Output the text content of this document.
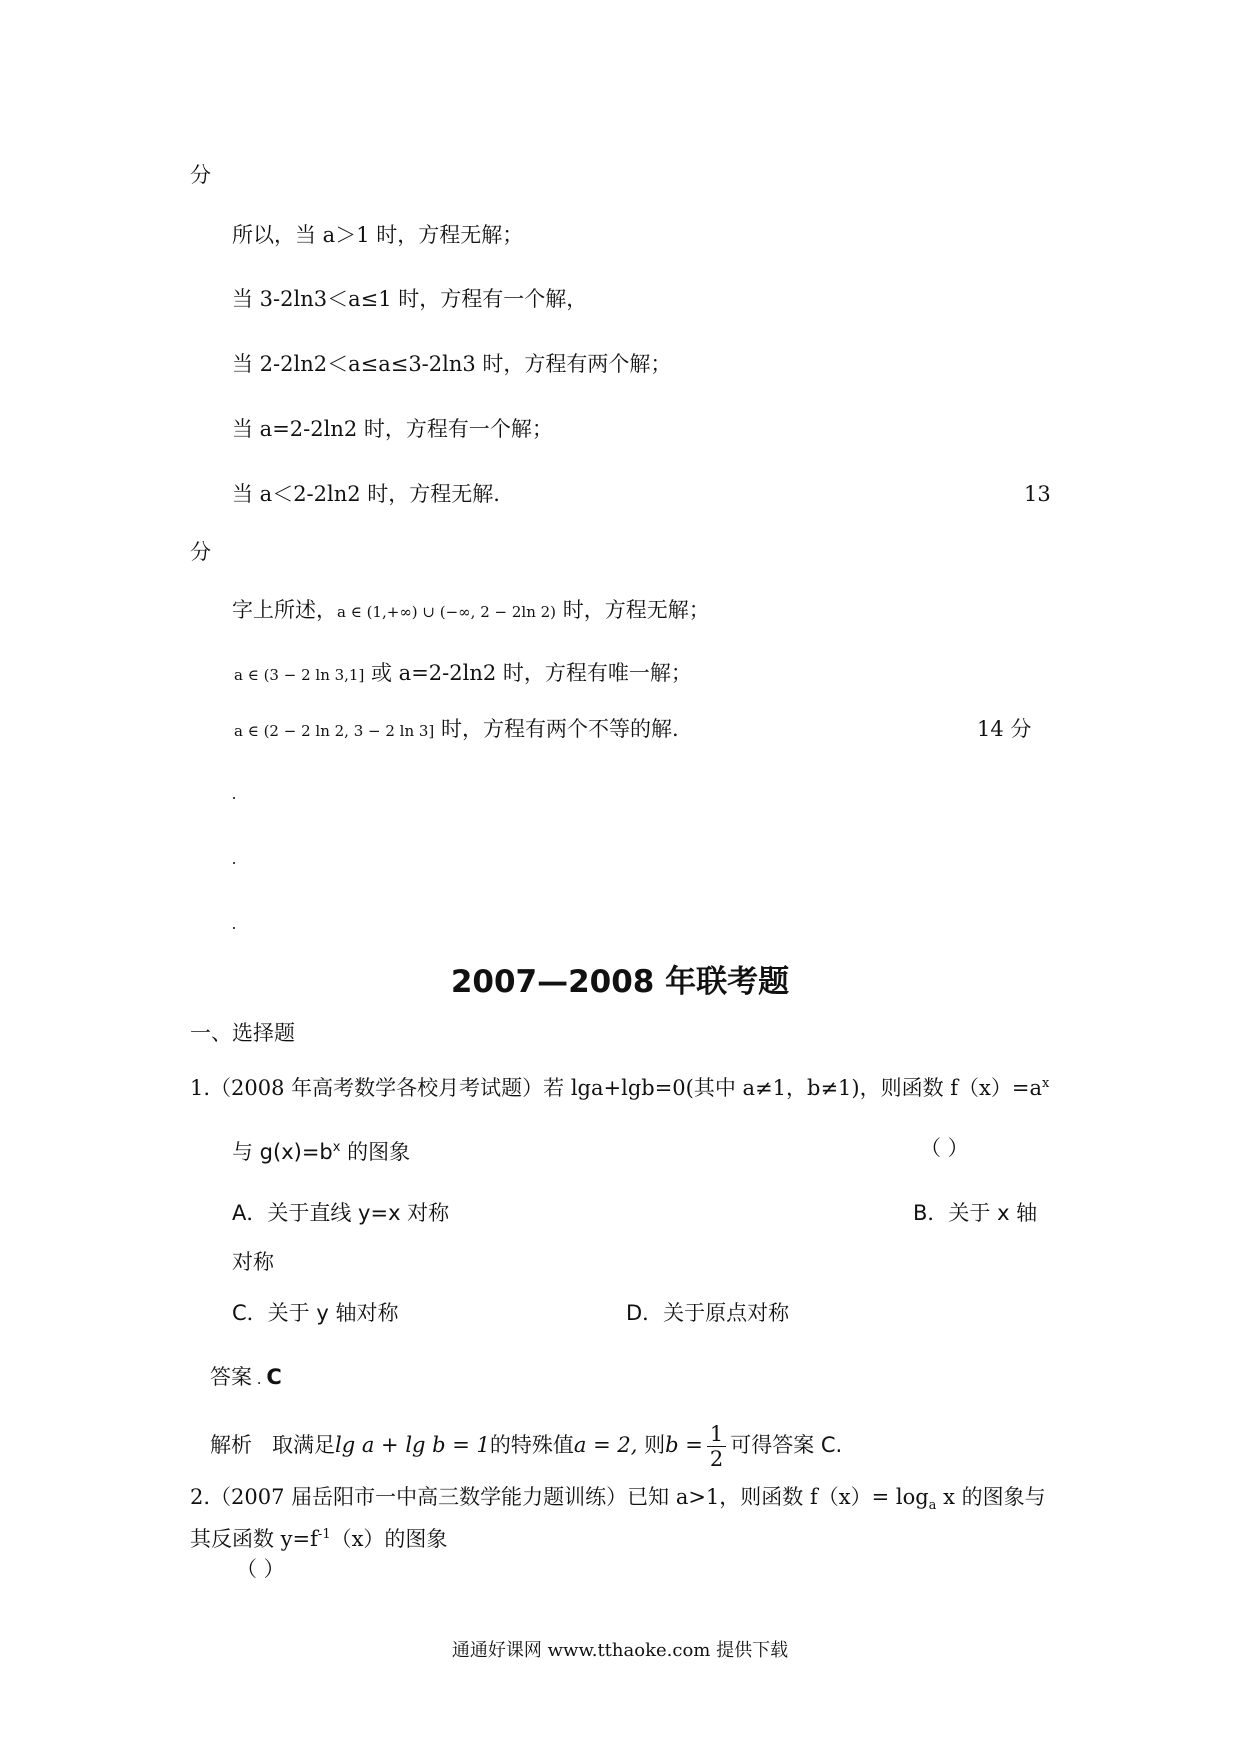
分
所以，当 a＞1 时，方程无解；
当 3-2ln3＜a≤1 时，方程有一个解，
当 2-2ln2＜a≤a≤3-2ln3 时，方程有两个解；
当 a=2-2ln2 时，方程有一个解；
当 a＜2-2ln2 时，方程无解.	13
分
字上所述，a ∈ (1,+∞) ∪ (−∞, 2 − 2ln 2) 时，方程无解；
a ∈ (3 − 2 ln 3,1] 或 a=2-2ln2 时，方程有唯一解；
a ∈ (2 − 2 ln 2, 3 − 2 ln 3] 时，方程有两个不等的解.	14 分
2007—2008 年联考题
一、选择题
1.（2008 年高考数学各校月考试题）若 lga+lgb=0(其中 a≠1，b≠1)，则函数 $f(x)=a^x$
与 $g(x)=b^x$ 的图象	（ ）
A．关于直线 y=x 对称	B．关于 x 轴
对称
C．关于 y 轴对称	D．关于原点对称
答案 . C
解析 取满足lg a + lg b = 1的特殊值a = 2, 则$b = \frac{1}{2}$ 可得答案 C.
2.（2007 届岳阳市一中高三数学能力题训练）已知 a>1，则函数 $f(x)= \log_a x$ 的图象与
其反函数 $y=f^{-1}(x)$的图象
（ ）
通通好课网 www.tthaoke.com 提供下载
